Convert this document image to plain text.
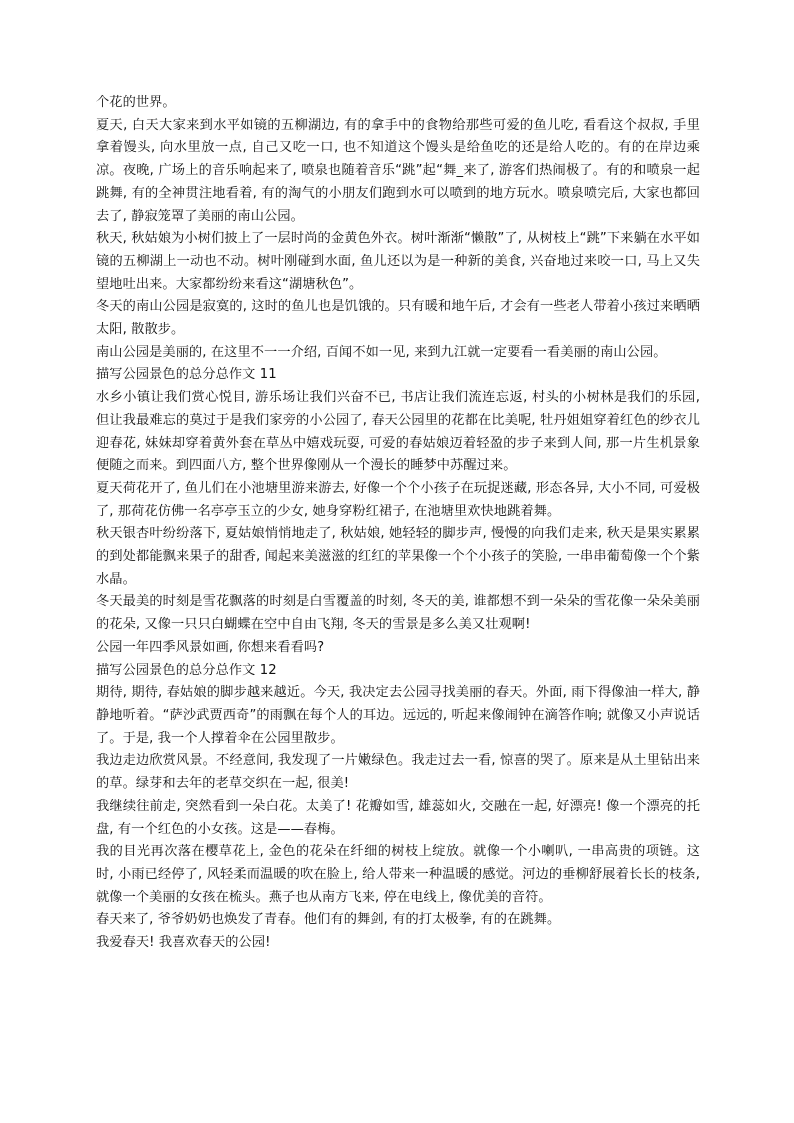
个花的世界。

夏天, 白天大家来到水平如镜的五柳湖边, 有的拿手中的食物给那些可爱的鱼儿吃, 看看这个叔叔, 手里拿着馒头, 向水里放一点, 自己又吃一口, 也不知道这个馒头是给鱼吃的还是给人吃的。有的在岸边乘凉。夜晚, 广场上的音乐响起来了, 喷泉也随着音乐“跳”起“舞_来了, 游客们热闹极了。有的和喷泉一起跳舞, 有的全神贯注地看着, 有的淘气的小朋友们跑到水可以喷到的地方玩水。喷泉喷完后, 大家也都回去了, 静寂笼罩了美丽的南山公园。

秋天, 秋姑娘为小树们披上了一层时尚的金黄色外衣。树叶渐渐“懒散”了, 从树枝上“跳”下来躺在水平如镜的五柳湖上一动也不动。树叶刚碰到水面, 鱼儿还以为是一种新的美食, 兴奋地过来咬一口, 马上又失望地吐出来。大家都纷纷来看这“湖塘秋色”。

冬天的南山公园是寂寞的, 这时的鱼儿也是饥饿的。只有暖和地午后, 才会有一些老人带着小孩过来晒晒太阳, 散散步。

南山公园是美丽的, 在这里不一一介绍, 百闻不如一见, 来到九江就一定要看一看美丽的南山公园。

描写公园景色的总分总作文 11

水乡小镇让我们赏心悦目, 游乐场让我们兴奋不已, 书店让我们流连忘返, 村头的小树林是我们的乐园, 但让我最难忘的莫过于是我们家旁的小公园了, 春天公园里的花都在比美呢, 牡丹姐姐穿着红色的纱衣儿迎春花, 妹妹却穿着黄外套在草丛中嬉戏玩耍, 可爱的春姑娘迈着轻盈的步子来到人间, 那一片生机景象便随之而来。到四面八方, 整个世界像刚从一个漫长的睡梦中苏醒过来。

夏天荷花开了, 鱼儿们在小池塘里游来游去, 好像一个个小孩子在玩捉迷藏, 形态各异, 大小不同, 可爱极了, 那荷花仿佛一名亭亭玉立的少女, 她身穿粉红裙子, 在池塘里欢快地跳着舞。

秋天银杏叶纷纷落下, 夏姑娘悄悄地走了, 秋姑娘, 她轻轻的脚步声, 慢慢的向我们走来, 秋天是果实累累的到处都能飘来果子的甜香, 闻起来美滋滋的红红的苹果像一个个小孩子的笑脸, 一串串葡萄像一个个紫水晶。

冬天最美的时刻是雪花飘落的时刻是白雪覆盖的时刻, 冬天的美, 谁都想不到一朵朵的雪花像一朵朵美丽的花朵, 又像一只只白蝴蝶在空中自由飞翔, 冬天的雪景是多么美又壮观啊!

公园一年四季风景如画, 你想来看看吗?

描写公园景色的总分总作文 12

期待, 期待, 春姑娘的脚步越来越近。今天, 我决定去公园寻找美丽的春天。外面, 雨下得像油一样大, 静静地听着。“萨沙武贾西奇”的雨飘在每个人的耳边。远远的, 听起来像闹钟在滴答作响; 就像又小声说话了。于是, 我一个人撑着伞在公园里散步。

我边走边欣赏风景。不经意间, 我发现了一片嫩绿色。我走过去一看, 惊喜的哭了。原来是从土里钻出来的草。绿芽和去年的老草交织在一起, 很美!

我继续往前走, 突然看到一朵白花。太美了! 花瓣如雪, 雄蕊如火, 交融在一起, 好漂亮! 像一个漂亮的托盘, 有一个红色的小女孩。这是——春梅。

我的目光再次落在樱草花上, 金色的花朵在纤细的树枝上绽放。就像一个小喇叭, 一串高贵的项链。这时, 小雨已经停了, 风轻柔而温暖的吹在脸上, 给人带来一种温暖的感觉。河边的垂柳舒展着长长的枝条, 就像一个美丽的女孩在梳头。燕子也从南方飞来, 停在电线上, 像优美的音符。

春天来了, 爷爷奶奶也焕发了青春。他们有的舞剑, 有的打太极拳, 有的在跳舞。

我爱春天! 我喜欢春天的公园!
